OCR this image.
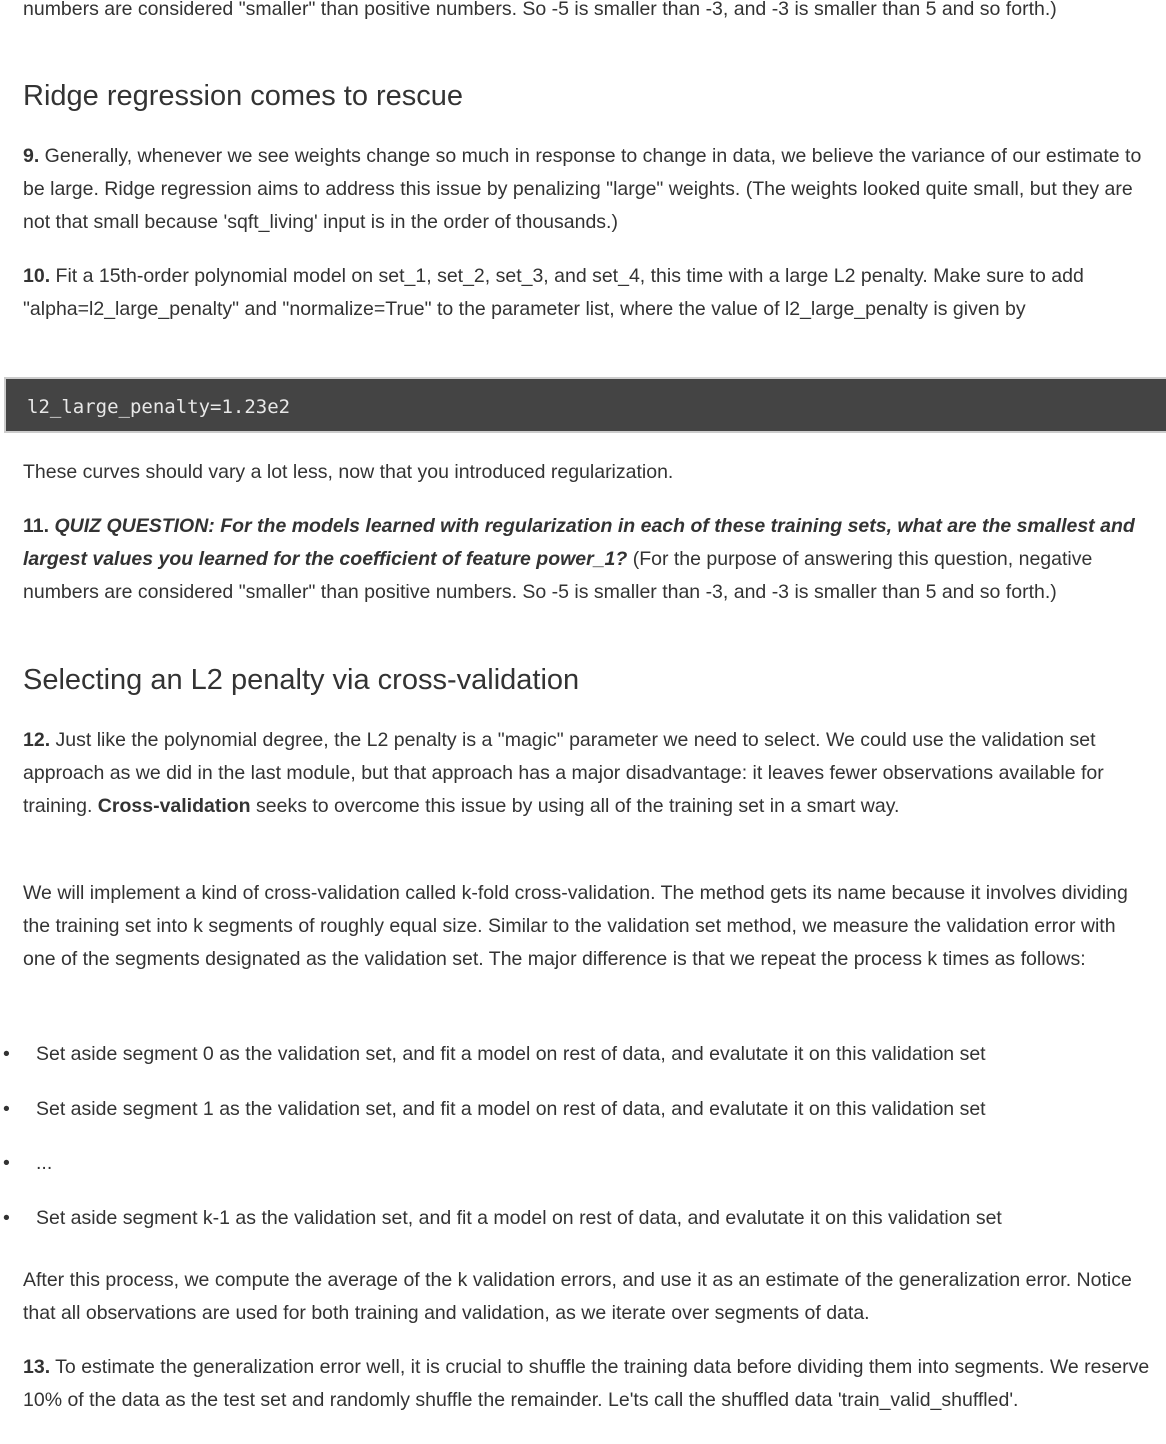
numbers are considered "smaller" than positive numbers. So -5 is smaller than -3, and -3 is smaller than 5 and so forth.)

Ridge regression comes to rescue

9. Generally, whenever we see weights change so much in response to change in data, we believe the variance of our estimate to be large. Ridge regression aims to address this issue by penalizing "large" weights. (The weights looked quite small, but they are not that small because 'sqft_living' input is in the order of thousands.)

10. Fit a 15th-order polynomial model on set_1, set_2, set_3, and set_4, this time with a large L2 penalty. Make sure to add "alpha=l2_large_penalty" and "normalize=True" to the parameter list, where the value of l2_large_penalty is given by

l2_large_penalty=1.23e2

These curves should vary a lot less, now that you introduced regularization.

11. QUIZ QUESTION: For the models learned with regularization in each of these training sets, what are the smallest and largest values you learned for the coefficient of feature power_1? (For the purpose of answering this question, negative numbers are considered "smaller" than positive numbers. So -5 is smaller than -3, and -3 is smaller than 5 and so forth.)

Selecting an L2 penalty via cross-validation

12. Just like the polynomial degree, the L2 penalty is a "magic" parameter we need to select. We could use the validation set approach as we did in the last module, but that approach has a major disadvantage: it leaves fewer observations available for training. Cross-validation seeks to overcome this issue by using all of the training set in a smart way.

We will implement a kind of cross-validation called k-fold cross-validation. The method gets its name because it involves dividing the training set into k segments of roughly equal size. Similar to the validation set method, we measure the validation error with one of the segments designated as the validation set. The major difference is that we repeat the process k times as follows:

• Set aside segment 0 as the validation set, and fit a model on rest of data, and evalutate it on this validation set
• Set aside segment 1 as the validation set, and fit a model on rest of data, and evalutate it on this validation set
• ...
• Set aside segment k-1 as the validation set, and fit a model on rest of data, and evalutate it on this validation set

After this process, we compute the average of the k validation errors, and use it as an estimate of the generalization error. Notice that all observations are used for both training and validation, as we iterate over segments of data.

13. To estimate the generalization error well, it is crucial to shuffle the training data before dividing them into segments. We reserve 10% of the data as the test set and randomly shuffle the remainder. Le'ts call the shuffled data 'train_valid_shuffled'.
